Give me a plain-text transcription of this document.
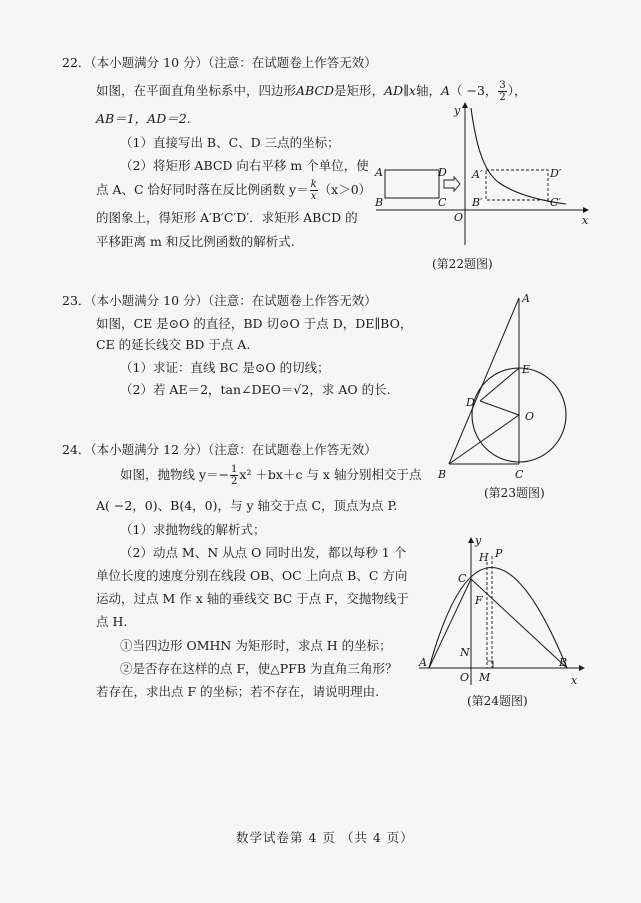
22．（本小题满分 10 分）（注意：在试题卷上作答无效）
如图，在平面直角坐标系中，四边形ABCD是矩形，AD∥x轴，A（ −3， $\frac{3}{2}$ ），
AB＝1，AD＝2.
（1）直接写出 B、C、D 三点的坐标；
（2）将矩形 ABCD 向右平移 m 个单位，使
点 A、C 恰好同时落在反比例函数 $y= \frac{k}{x} (x>0)$
的图象上，得矩形 A′B′C′D′．求矩形 ABCD 的
平移距离 m 和反比例函数的解析式.
A
B	C
D A′
B′	C′
D′
O	x
y
(第22题图)
23．（本小题满分 10 分）（注意：在试题卷上作答无效）
如图，CE 是⊙O 的直径，BD 切⊙O 于点 D，DE∥BO，
CE 的延长线交 BD 于点 A.
（1）求证：直线 BC 是⊙O 的切线；
（2）若 AE＝2，tan∠DEO＝√2，求 AO 的长.
A
E
D
O
B	C
(第23题图)
24．（本小题满分 12 分）（注意：在试题卷上作答无效）
如图，抛物线 $y=- \frac{1}{2} x^2 +bx+c$ 与 x 轴分别相交于点
A( −2，0)、B(4，0)，与 y 轴交于点 C，顶点为点 P.
（1）求抛物线的解析式；
（2）动点 M、N 从点 O 同时出发，都以每秒 1 个
单位长度的速度分别在线段 OB、OC 上向点 B、C 方向
运动，过点 M 作 x 轴的垂线交 BC 于点 F，交抛物线于
点 H.
①当四边形 OMHN 为矩形时，求点 H 的坐标；
②是否存在这样的点 F，使△PFB 为直角三角形？
若存在，求出点 F 的坐标；若不存在，请说明理由.
y
H P
C
F
N
A
O M
B
x
(第24题图)
数学试卷第 4 页 （共 4 页）
